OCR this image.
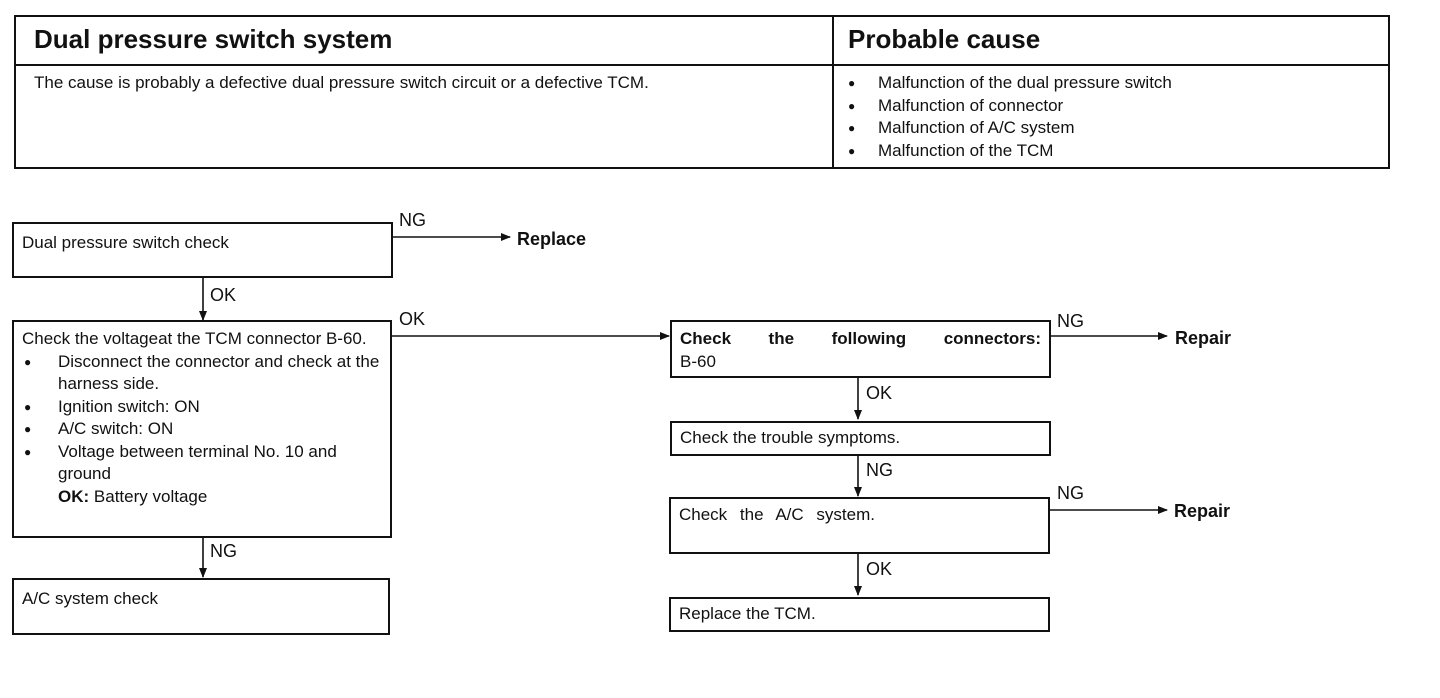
Dual pressure switch system	Probable cause
The cause is probably a defective dual pressure switch circuit or a defective TCM.
●	Malfunction of the dual pressure switch
● Malfunction of connector
● Malfunction of A/C system
● Malfunction of the TCM
Dual pressure switch check
Check the voltageat the TCM connector B-60.
● Disconnect the connector and check at the harness side.
● Ignition switch: ON
● A/C switch: ON
● Voltage between terminal No. 10 and ground
OK: Battery voltage
A/C system check
Check the following connectors:
B-60
Check the trouble symptoms.
Check the A/C system.
Replace the TCM.
NG
OK
OK
NG
NG
OK
NG
NG
OK
Replace
Repair
Repair
